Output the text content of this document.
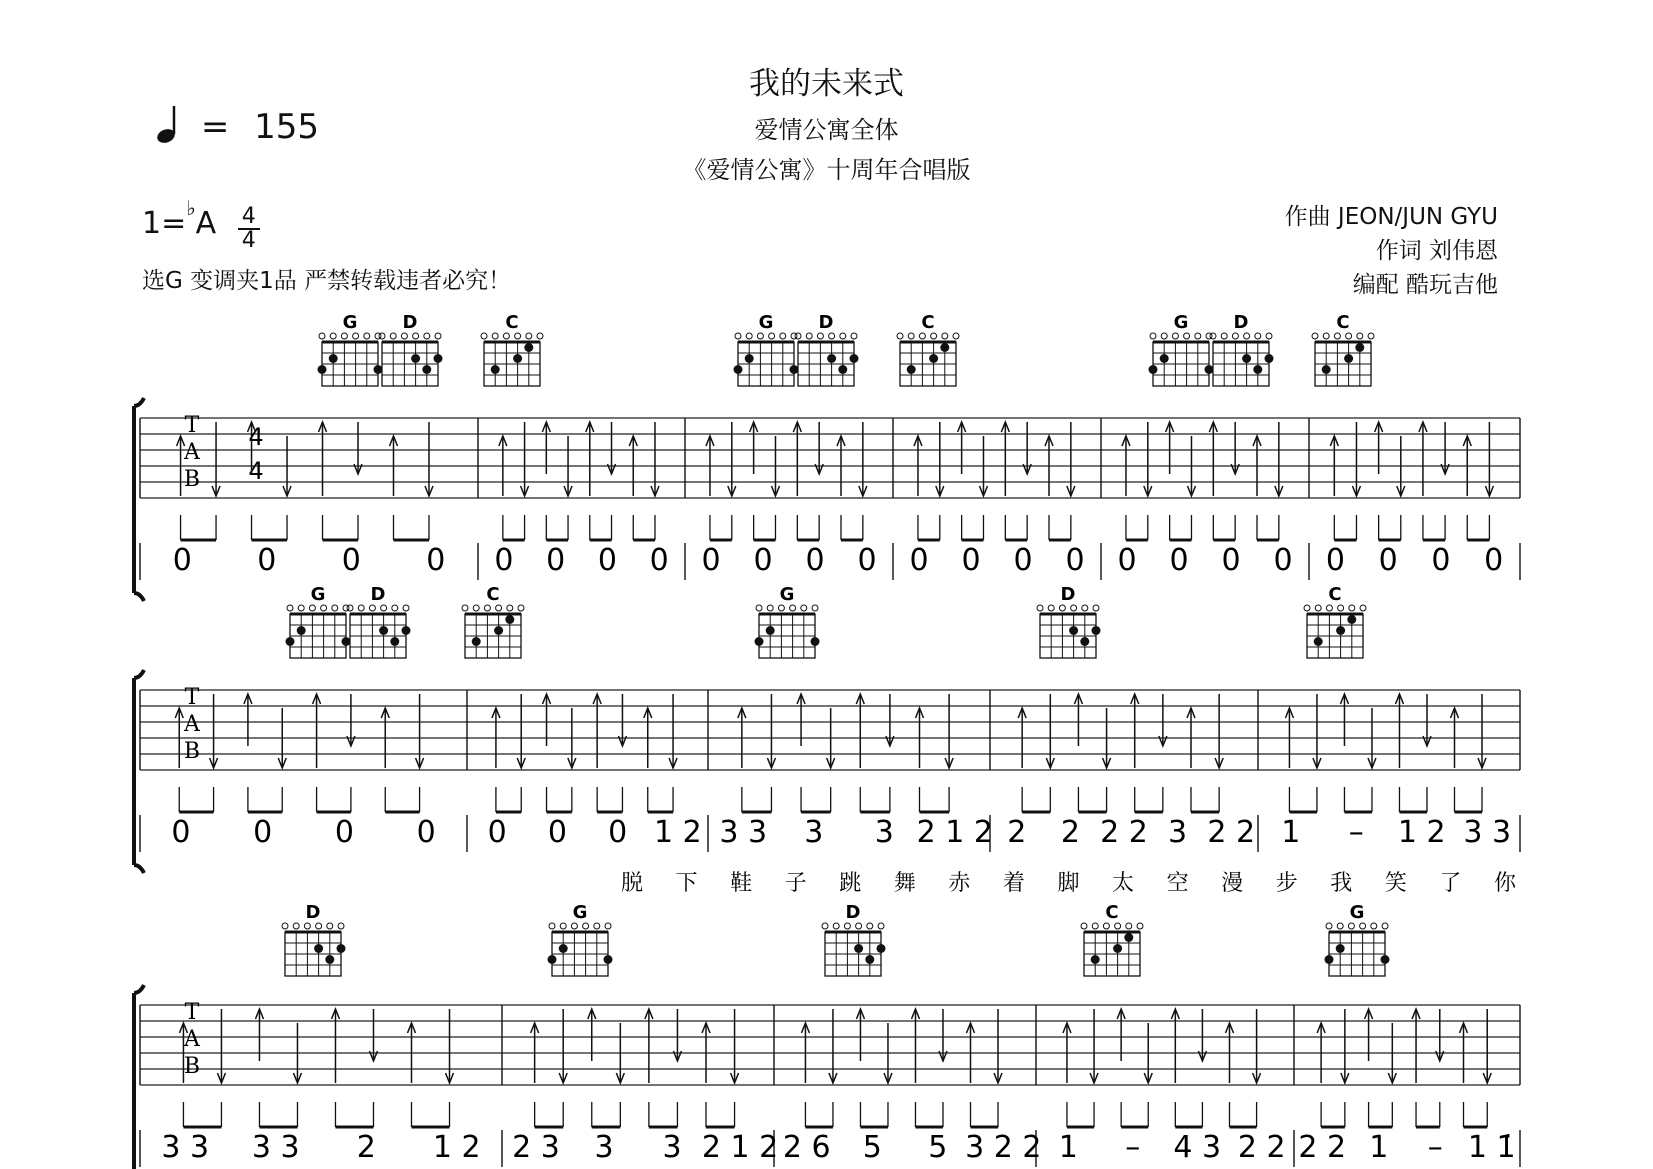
我的未来式
爱情公寓全体
《爱情公寓》十周年合唱版
= 155
$1=^♭A \frac{4}{4}$
选G 变调夹1品 严禁转载违者必究！
作曲 JEON/JUN GYU
作词 刘伟恩
编配 酷玩吉他
T
A
B
4
4
0 0 0 0 0 0 0 0 0 0 0 0 0 0 0 0 0 0 0 0 0 0 0 0
G	D	C	G	D	C	G	D	C
T
A
B
0 0 0 0 0 0 0 1 2 3 3 3 3 2 1 2 2 2 2 2 3 2 2 1 – 1 2 3 3
脱 下 鞋 子 跳 舞 赤 着 脚 太 空 漫 步 我 笑 了 你
G	D	C	G	D	C
T
A
B
3 3 3 3 2 1 2 2 3 3 3 2 1 2 2 6 5 5 3 2 2 1 – 4 3 2 2 2 2 1 – 1 1̇
D	G	D	C	G
